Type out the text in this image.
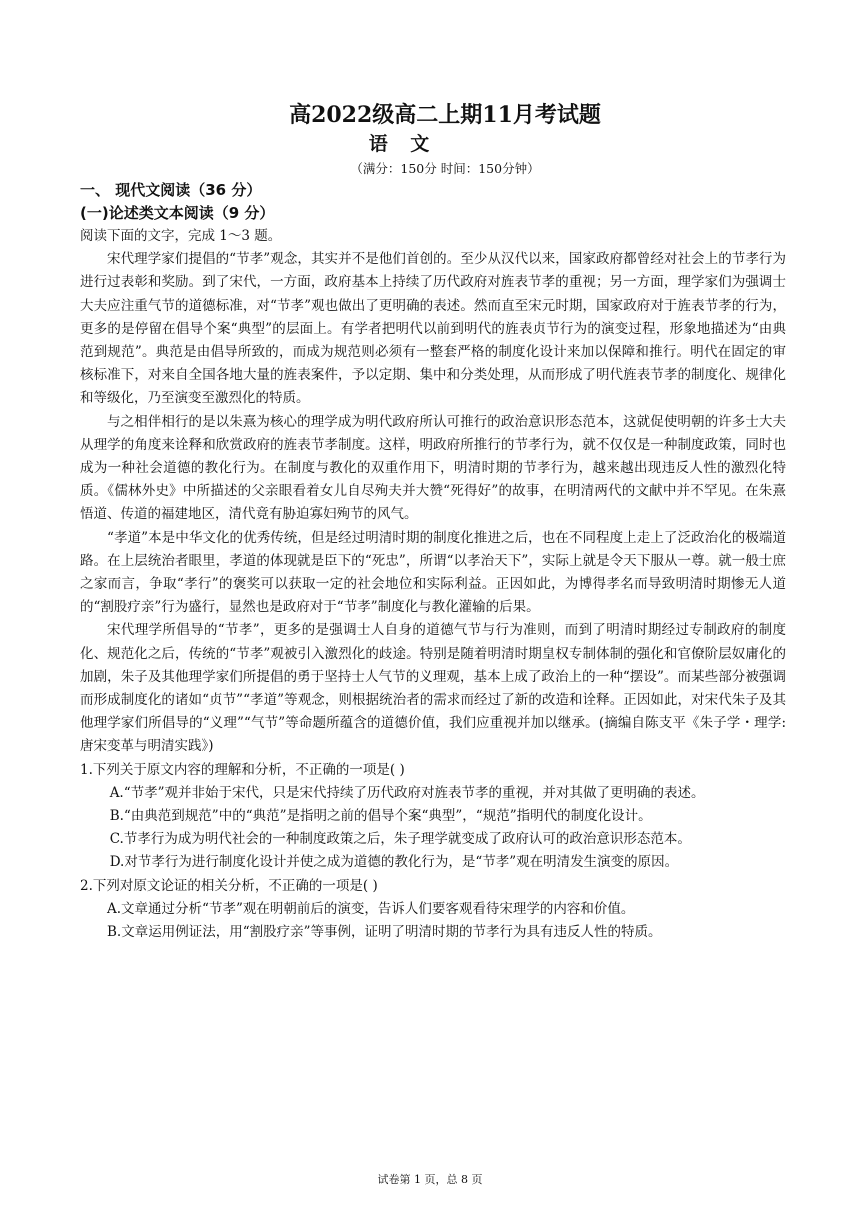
高2022级高二上期11月考试题
语 文
（满分：150分 时间：150分钟）
一、 现代文阅读（36 分）
(一)论述类文本阅读（9 分）
阅读下面的文字，完成 1～3 题。

宋代理学家们提倡的“节孝”观念，其实并不是他们首创的。至少从汉代以来，国家政府都曾经对社会上的节孝行为进行过表彰和奖励。到了宋代，一方面，政府基本上持续了历代政府对旌表节孝的重视；另一方面，理学家们为强调士大夫应注重气节的道德标准，对“节孝”观也做出了更明确的表述。然而直至宋元时期，国家政府对于旌表节孝的行为，更多的是停留在倡导个案“典型”的层面上。有学者把明代以前到明代的旌表贞节行为的演变过程，形象地描述为“由典范到规范”。典范是由倡导所致的，而成为规范则必须有一整套严格的制度化设计来加以保障和推行。明代在固定的审核标准下，对来自全国各地大量的旌表案件，予以定期、集中和分类处理，从而形成了明代旌表节孝的制度化、规律化和等级化，乃至演变至激烈化的特质。

与之相伴相行的是以朱熹为核心的理学成为明代政府所认可推行的政治意识形态范本，这就促使明朝的许多士大夫从理学的角度来诠释和欣赏政府的旌表节孝制度。这样，明政府所推行的节孝行为，就不仅仅是一种制度政策，同时也成为一种社会道德的教化行为。在制度与教化的双重作用下，明清时期的节孝行为，越来越出现违反人性的激烈化特质。《儒林外史》中所描述的父亲眼看着女儿自尽殉夫并大赞“死得好”的故事，在明清两代的文献中并不罕见。在朱熹悟道、传道的福建地区，清代竟有胁迫寡妇殉节的风气。

“孝道”本是中华文化的优秀传统，但是经过明清时期的制度化推进之后，也在不同程度上走上了泛政治化的极端道路。在上层统治者眼里，孝道的体现就是臣下的“死忠”，所谓“以孝治天下”，实际上就是令天下服从一尊。就一般士庶之家而言，争取“孝行”的褒奖可以获取一定的社会地位和实际利益。正因如此，为博得孝名而导致明清时期惨无人道的“割股疗亲”行为盛行，显然也是政府对于“节孝”制度化与教化灌输的后果。

宋代理学所倡导的“节孝”，更多的是强调士人自身的道德气节与行为准则，而到了明清时期经过专制政府的制度化、规范化之后，传统的“节孝”观被引入激烈化的歧途。特别是随着明清时期皇权专制体制的强化和官僚阶层奴庸化的加剧，朱子及其他理学家们所提倡的勇于坚持士人气节的义理观，基本上成了政治上的一种“摆设”。而某些部分被强调而形成制度化的诸如“贞节”“孝道”等观念，则根据统治者的需求而经过了新的改造和诠释。正因如此，对宋代朱子及其他理学家们所倡导的“义理”“气节”等命题所蕴含的道德价值，我们应重视并加以继承。(摘编自陈支平《朱子学・理学:唐宋变革与明清实践》)

1.下列关于原文内容的理解和分析，不正确的一项是( )

A.“节孝”观并非始于宋代，只是宋代持续了历代政府对旌表节孝的重视，并对其做了更明确的表述。

B.“由典范到规范”中的“典范”是指明之前的倡导个案“典型”，“规范”指明代的制度化设计。

C.节孝行为成为明代社会的一种制度政策之后，朱子理学就变成了政府认可的政治意识形态范本。

D.对节孝行为进行制度化设计并使之成为道德的教化行为，是“节孝”观在明清发生演变的原因。

2.下列对原文论证的相关分析，不正确的一项是( )

A.文章通过分析“节孝”观在明朝前后的演变，告诉人们要客观看待宋理学的内容和价值。

B.文章运用例证法，用“割股疗亲”等事例，证明了明清时期的节孝行为具有违反人性的特质。

试卷第 1 页，总 8 页
